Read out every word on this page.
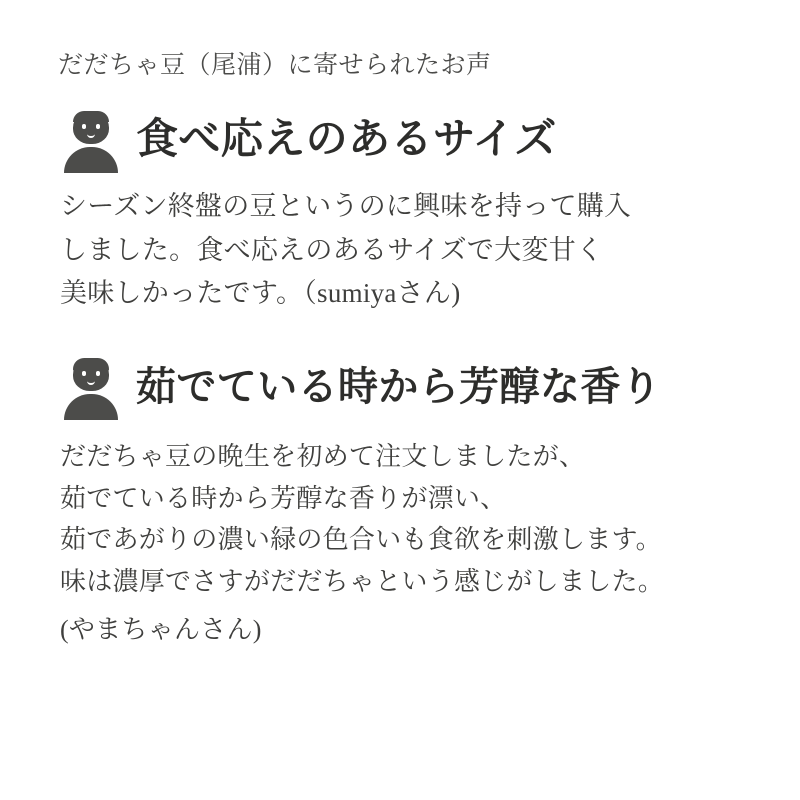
だだちゃ豆（尾浦）に寄せられたお声
食べ応えのあるサイズ
シーズン終盤の豆というのに興味を持って購入
しました。食べ応えのあるサイズで大変甘く
美味しかったです。（sumiyaさん)
茹でている時から芳醇な香り
だだちゃ豆の晩生を初めて注文しましたが、
茹でている時から芳醇な香りが漂い、
茹であがりの濃い緑の色合いも食欲を刺激します。
味は濃厚でさすがだだちゃという感じがしました。
(やまちゃんさん)
